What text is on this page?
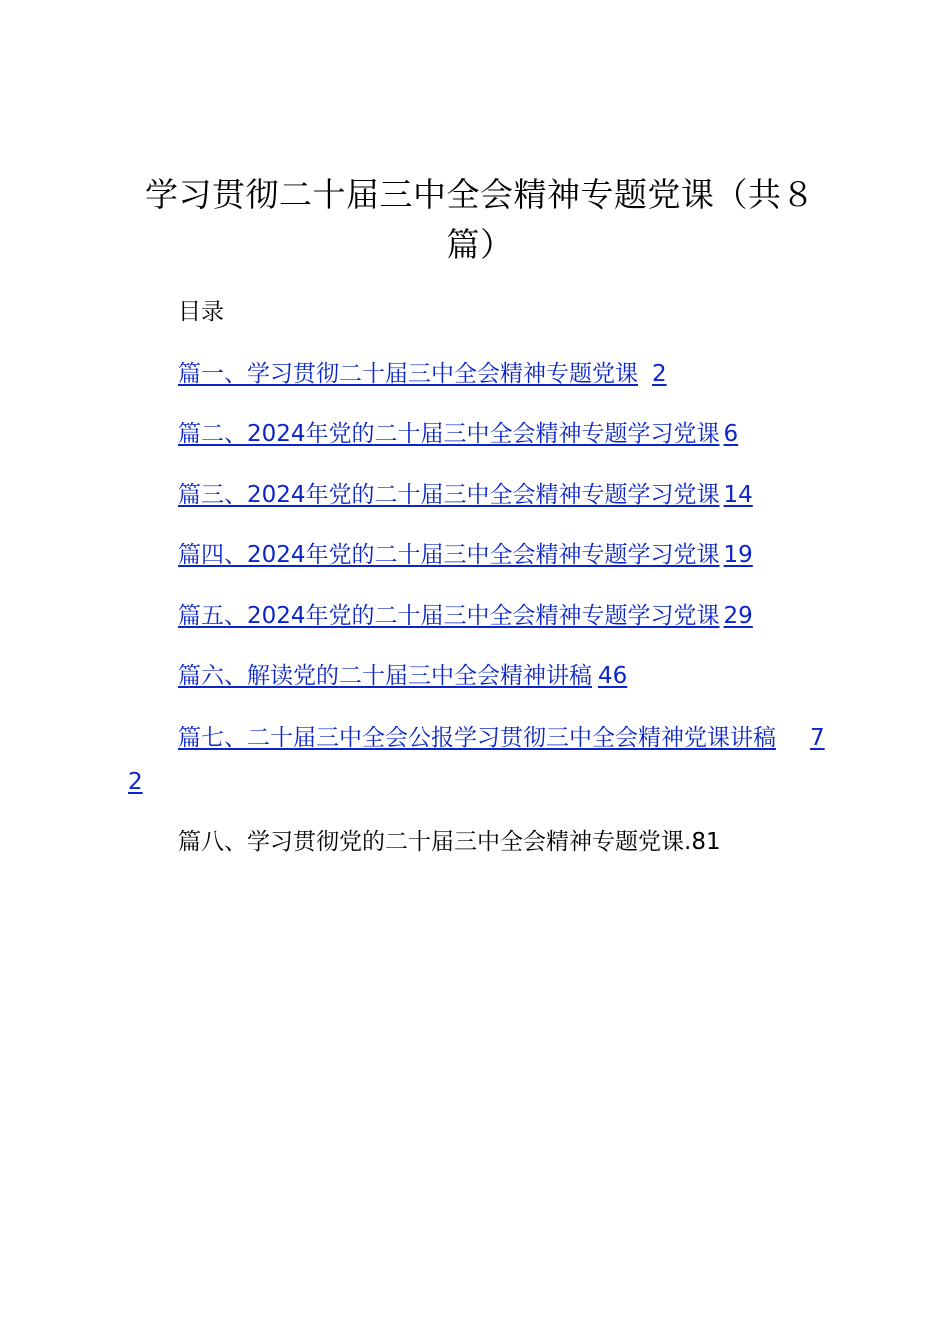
学习贯彻二十届三中全会精神专题党课（共８篇）
目录
篇一、学习贯彻二十届三中全会精神专题党课 2
篇二、2024年党的二十届三中全会精神专题学习党课 6
篇三、2024年党的二十届三中全会精神专题学习党课 14
篇四、2024年党的二十届三中全会精神专题学习党课 19
篇五、2024年党的二十届三中全会精神专题学习党课 29
篇六、解读党的二十届三中全会精神讲稿 46
篇七、二十届三中全会公报学习贯彻三中全会精神党课讲稿 72
篇八、学习贯彻党的二十届三中全会精神专题党课.81
